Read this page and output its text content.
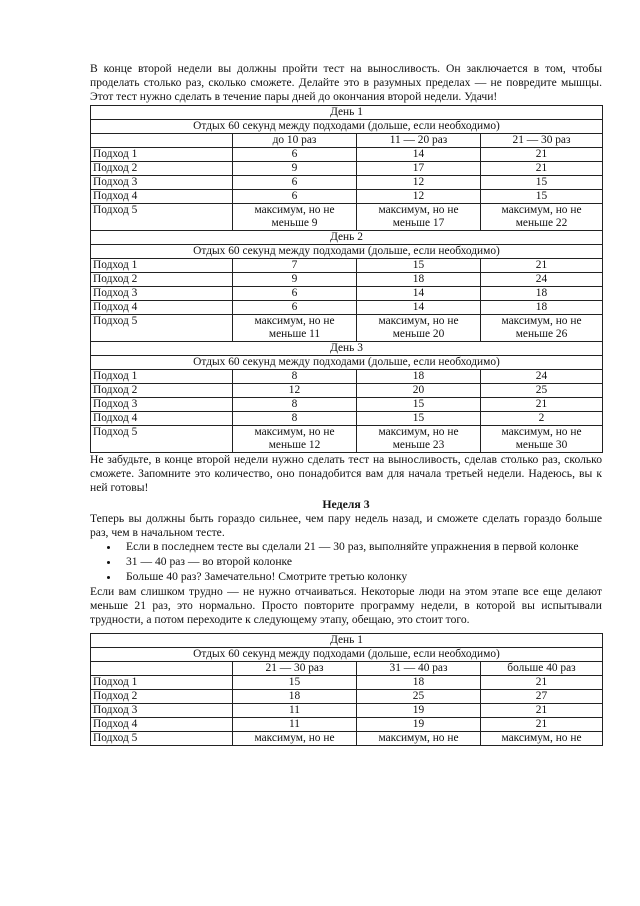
В конце второй недели вы должны пройти тест на выносливость. Он заключается в том, чтобы проделать столько раз, сколько сможете. Делайте это в разумных пределах — не повредите мышцы. Этот тест нужно сделать в течение пары дней до окончания второй недели. Удачи!

День 1			
Отдых 60 секунд между подходами (дольше, если необходимо)			
	до 10 раз	11 — 20 раз	21 — 30 раз
Подход 1	6	14	21
Подход 2	9	17	21
Подход 3	6	12	15
Подход 4	6	12	15
Подход 5	максимум, но не меньше 9	максимум, но не меньше 17	максимум, но не меньше 22
День 2			
Отдых 60 секунд между подходами (дольше, если необходимо)			
Подход 1	7	15	21
Подход 2	9	18	24
Подход 3	6	14	18
Подход 4	6	14	18
Подход 5	максимум, но не меньше 11	максимум, но не меньше 20	максимум, но не меньше 26
День 3			
Отдых 60 секунд между подходами (дольше, если необходимо)			
Подход 1	8	18	24
Подход 2	12	20	25
Подход 3	8	15	21
Подход 4	8	15	2
Подход 5	максимум, но не меньше 12	максимум, но не меньше 23	максимум, но не меньше 30

Не забудьте, в конце второй недели нужно сделать тест на выносливость, сделав столько раз, сколько сможете. Запомните это количество, оно понадобится вам для начала третьей недели. Надеюсь, вы к ней готовы!

Неделя 3

Теперь вы должны быть гораздо сильнее, чем пару недель назад, и сможете сделать гораздо больше раз, чем в начальном тесте.

• Если в последнем тесте вы сделали 21 — 30 раз, выполняйте упражнения в первой колонке
• 31 — 40 раз — во второй колонке
• Больше 40 раз? Замечательно! Смотрите третью колонку

Если вам слишком трудно — не нужно отчаиваться. Некоторые люди на этом этапе все еще делают меньше 21 раз, это нормально. Просто повторите программу недели, в которой вы испытывали трудности, а потом переходите к следующему этапу, обещаю, это стоит того.

День 1			
Отдых 60 секунд между подходами (дольше, если необходимо)			
	21 — 30 раз	31 — 40 раз	больше 40 раз
Подход 1	15	18	21
Подход 2	18	25	27
Подход 3	11	19	21
Подход 4	11	19	21
Подход 5	максимум, но не	максимум, но не	максимум, но не
